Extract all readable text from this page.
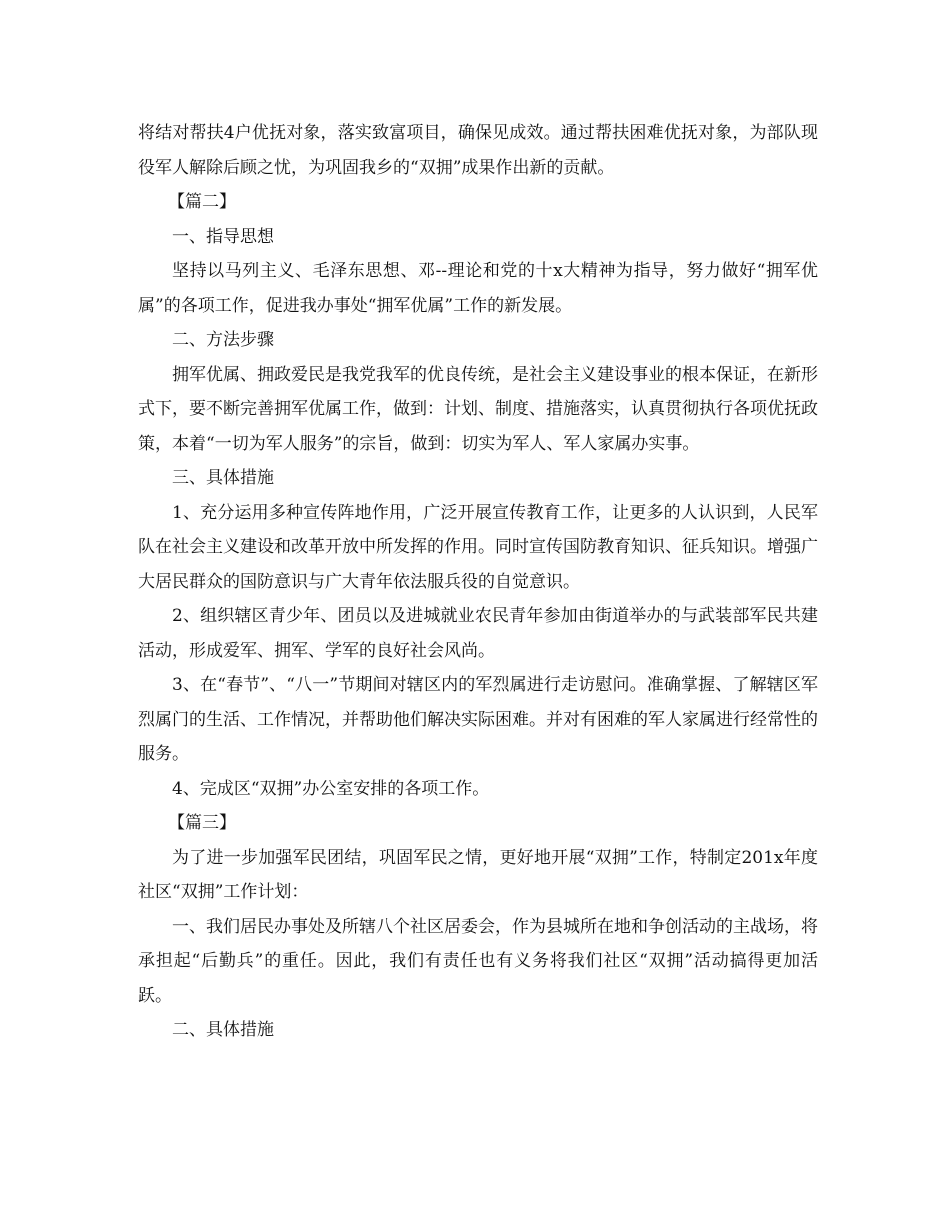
将结对帮扶4户优抚对象，落实致富项目，确保见成效。通过帮扶困难优抚对象，为部队现役军人解除后顾之忧，为巩固我乡的“双拥”成果作出新的贡献。

【篇二】

一、指导思想

坚持以马列主义、毛泽东思想、邓--理论和党的十x大精神为指导，努力做好“拥军优属”的各项工作，促进我办事处“拥军优属”工作的新发展。

二、方法步骤

拥军优属、拥政爱民是我党我军的优良传统，是社会主义建设事业的根本保证，在新形式下，要不断完善拥军优属工作，做到：计划、制度、措施落实，认真贯彻执行各项优抚政策，本着“一切为军人服务”的宗旨，做到：切实为军人、军人家属办实事。

三、具体措施

1、充分运用多种宣传阵地作用，广泛开展宣传教育工作，让更多的人认识到，人民军队在社会主义建设和改革开放中所发挥的作用。同时宣传国防教育知识、征兵知识。增强广大居民群众的国防意识与广大青年依法服兵役的自觉意识。

2、组织辖区青少年、团员以及进城就业农民青年参加由街道举办的与武装部军民共建活动，形成爱军、拥军、学军的良好社会风尚。

3、在“春节”、“八一”节期间对辖区内的军烈属进行走访慰问。准确掌握、了解辖区军烈属门的生活、工作情况，并帮助他们解决实际困难。并对有困难的军人家属进行经常性的服务。

4、完成区“双拥”办公室安排的各项工作。

【篇三】

为了进一步加强军民团结，巩固军民之情，更好地开展“双拥”工作，特制定201x年度社区“双拥”工作计划：

一、我们居民办事处及所辖八个社区居委会，作为县城所在地和争创活动的主战场，将承担起“后勤兵”的重任。因此，我们有责任也有义务将我们社区“双拥”活动搞得更加活跃。

二、具体措施
